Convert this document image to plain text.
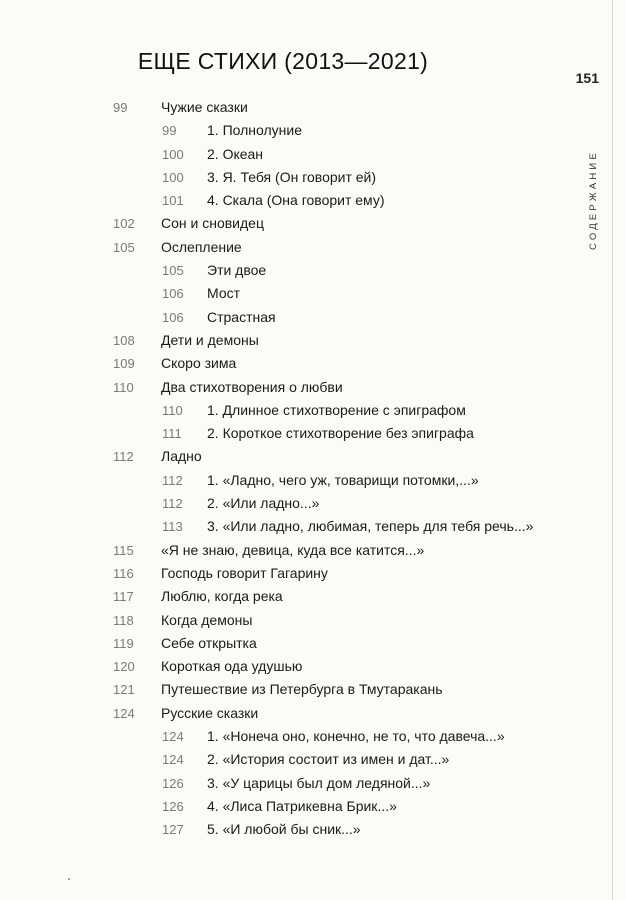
ЕЩЕ СТИХИ (2013—2021)
151
СОДЕРЖАНИЕ
99 Чужие сказки
99 1. Полнолуние
100 2. Океан
100 3. Я. Тебя (Он говорит ей)
101 4. Скала (Она говорит ему)
102 Сон и сновидец
105 Ослепление
105 Эти двое
106 Мост
106 Страстная
108 Дети и демоны
109 Скоро зима
110 Два стихотворения о любви
110 1. Длинное стихотворение с эпиграфом
111 2. Короткое стихотворение без эпиграфа
112 Ладно
112 1. «Ладно, чего уж, товарищи потомки,...»
112 2. «Или ладно...»
113 3. «Или ладно, любимая, теперь для тебя речь...»
115 «Я не знаю, девица, куда все катится...»
116 Господь говорит Гагарину
117 Люблю, когда река
118 Когда демоны
119 Себе открытка
120 Короткая ода удушью
121 Путешествие из Петербурга в Тмутаракань
124 Русские сказки
124 1. «Нонеча оно, конечно, не то, что давеча...»
124 2. «История состоит из имен и дат...»
126 3. «У царицы был дом ледяной...»
126 4. «Лиса Патрикевна Брик...»
127 5. «И любой бы сник...»
